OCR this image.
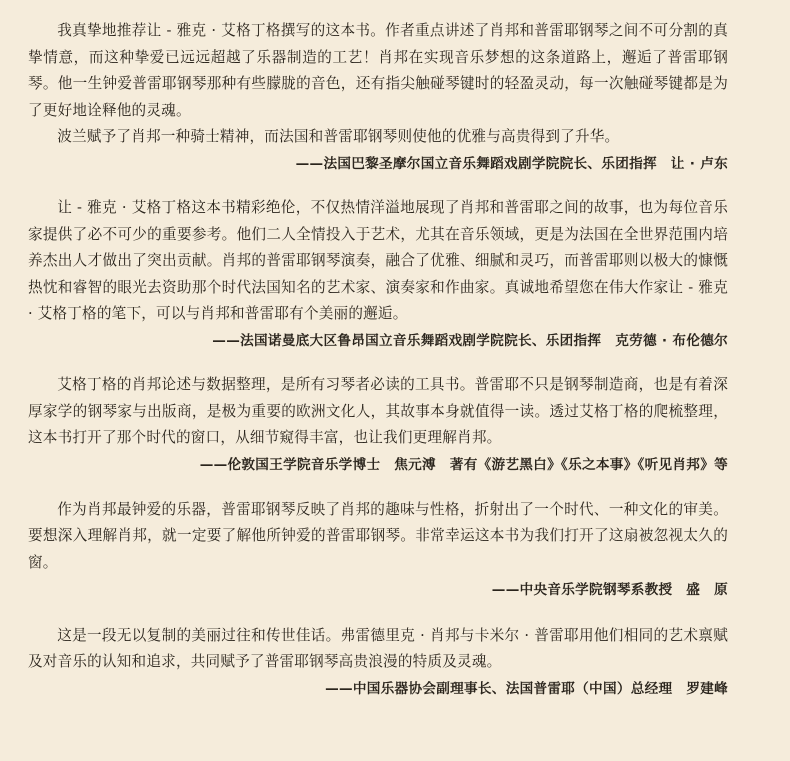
我真挚地推荐让 - 雅克 · 艾格丁格撰写的这本书。作者重点讲述了肖邦和普雷耶钢琴之间不可分割的真挚情意，而这种挚爱已远远超越了乐器制造的工艺！肖邦在实现音乐梦想的这条道路上，邂逅了普雷耶钢琴。他一生钟爱普雷耶钢琴那种有些朦胧的音色，还有指尖触碰琴键时的轻盈灵动，每一次触碰琴键都是为了更好地诠释他的灵魂。

波兰赋予了肖邦一种骑士精神，而法国和普雷耶钢琴则使他的优雅与高贵得到了升华。

——法国巴黎圣摩尔国立音乐舞蹈戏剧学院院长、乐团指挥　让 · 卢东

让 - 雅克 · 艾格丁格这本书精彩绝伦，不仅热情洋溢地展现了肖邦和普雷耶之间的故事，也为每位音乐家提供了必不可少的重要参考。他们二人全情投入于艺术，尤其在音乐领域，更是为法国在全世界范围内培养杰出人才做出了突出贡献。肖邦的普雷耶钢琴演奏，融合了优雅、细腻和灵巧，而普雷耶则以极大的慷慨热忱和睿智的眼光去资助那个时代法国知名的艺术家、演奏家和作曲家。真诚地希望您在伟大作家让 - 雅克 · 艾格丁格的笔下，可以与肖邦和普雷耶有个美丽的邂逅。

——法国诺曼底大区鲁昂国立音乐舞蹈戏剧学院院长、乐团指挥　克劳德 · 布伦德尔

艾格丁格的肖邦论述与数据整理，是所有习琴者必读的工具书。普雷耶不只是钢琴制造商，也是有着深厚家学的钢琴家与出版商，是极为重要的欧洲文化人，其故事本身就值得一读。透过艾格丁格的爬梳整理，这本书打开了那个时代的窗口，从细节窥得丰富，也让我们更理解肖邦。

——伦敦国王学院音乐学博士　焦元溥　著有《游艺黑白》《乐之本事》《听见肖邦》等

作为肖邦最钟爱的乐器，普雷耶钢琴反映了肖邦的趣味与性格，折射出了一个时代、一种文化的审美。要想深入理解肖邦，就一定要了解他所钟爱的普雷耶钢琴。非常幸运这本书为我们打开了这扇被忽视太久的窗。

——中央音乐学院钢琴系教授　盛　原

这是一段无以复制的美丽过往和传世佳话。弗雷德里克 · 肖邦与卡米尔 · 普雷耶用他们相同的艺术禀赋及对音乐的认知和追求，共同赋予了普雷耶钢琴高贵浪漫的特质及灵魂。

——中国乐器协会副理事长、法国普雷耶（中国）总经理　罗建峰
